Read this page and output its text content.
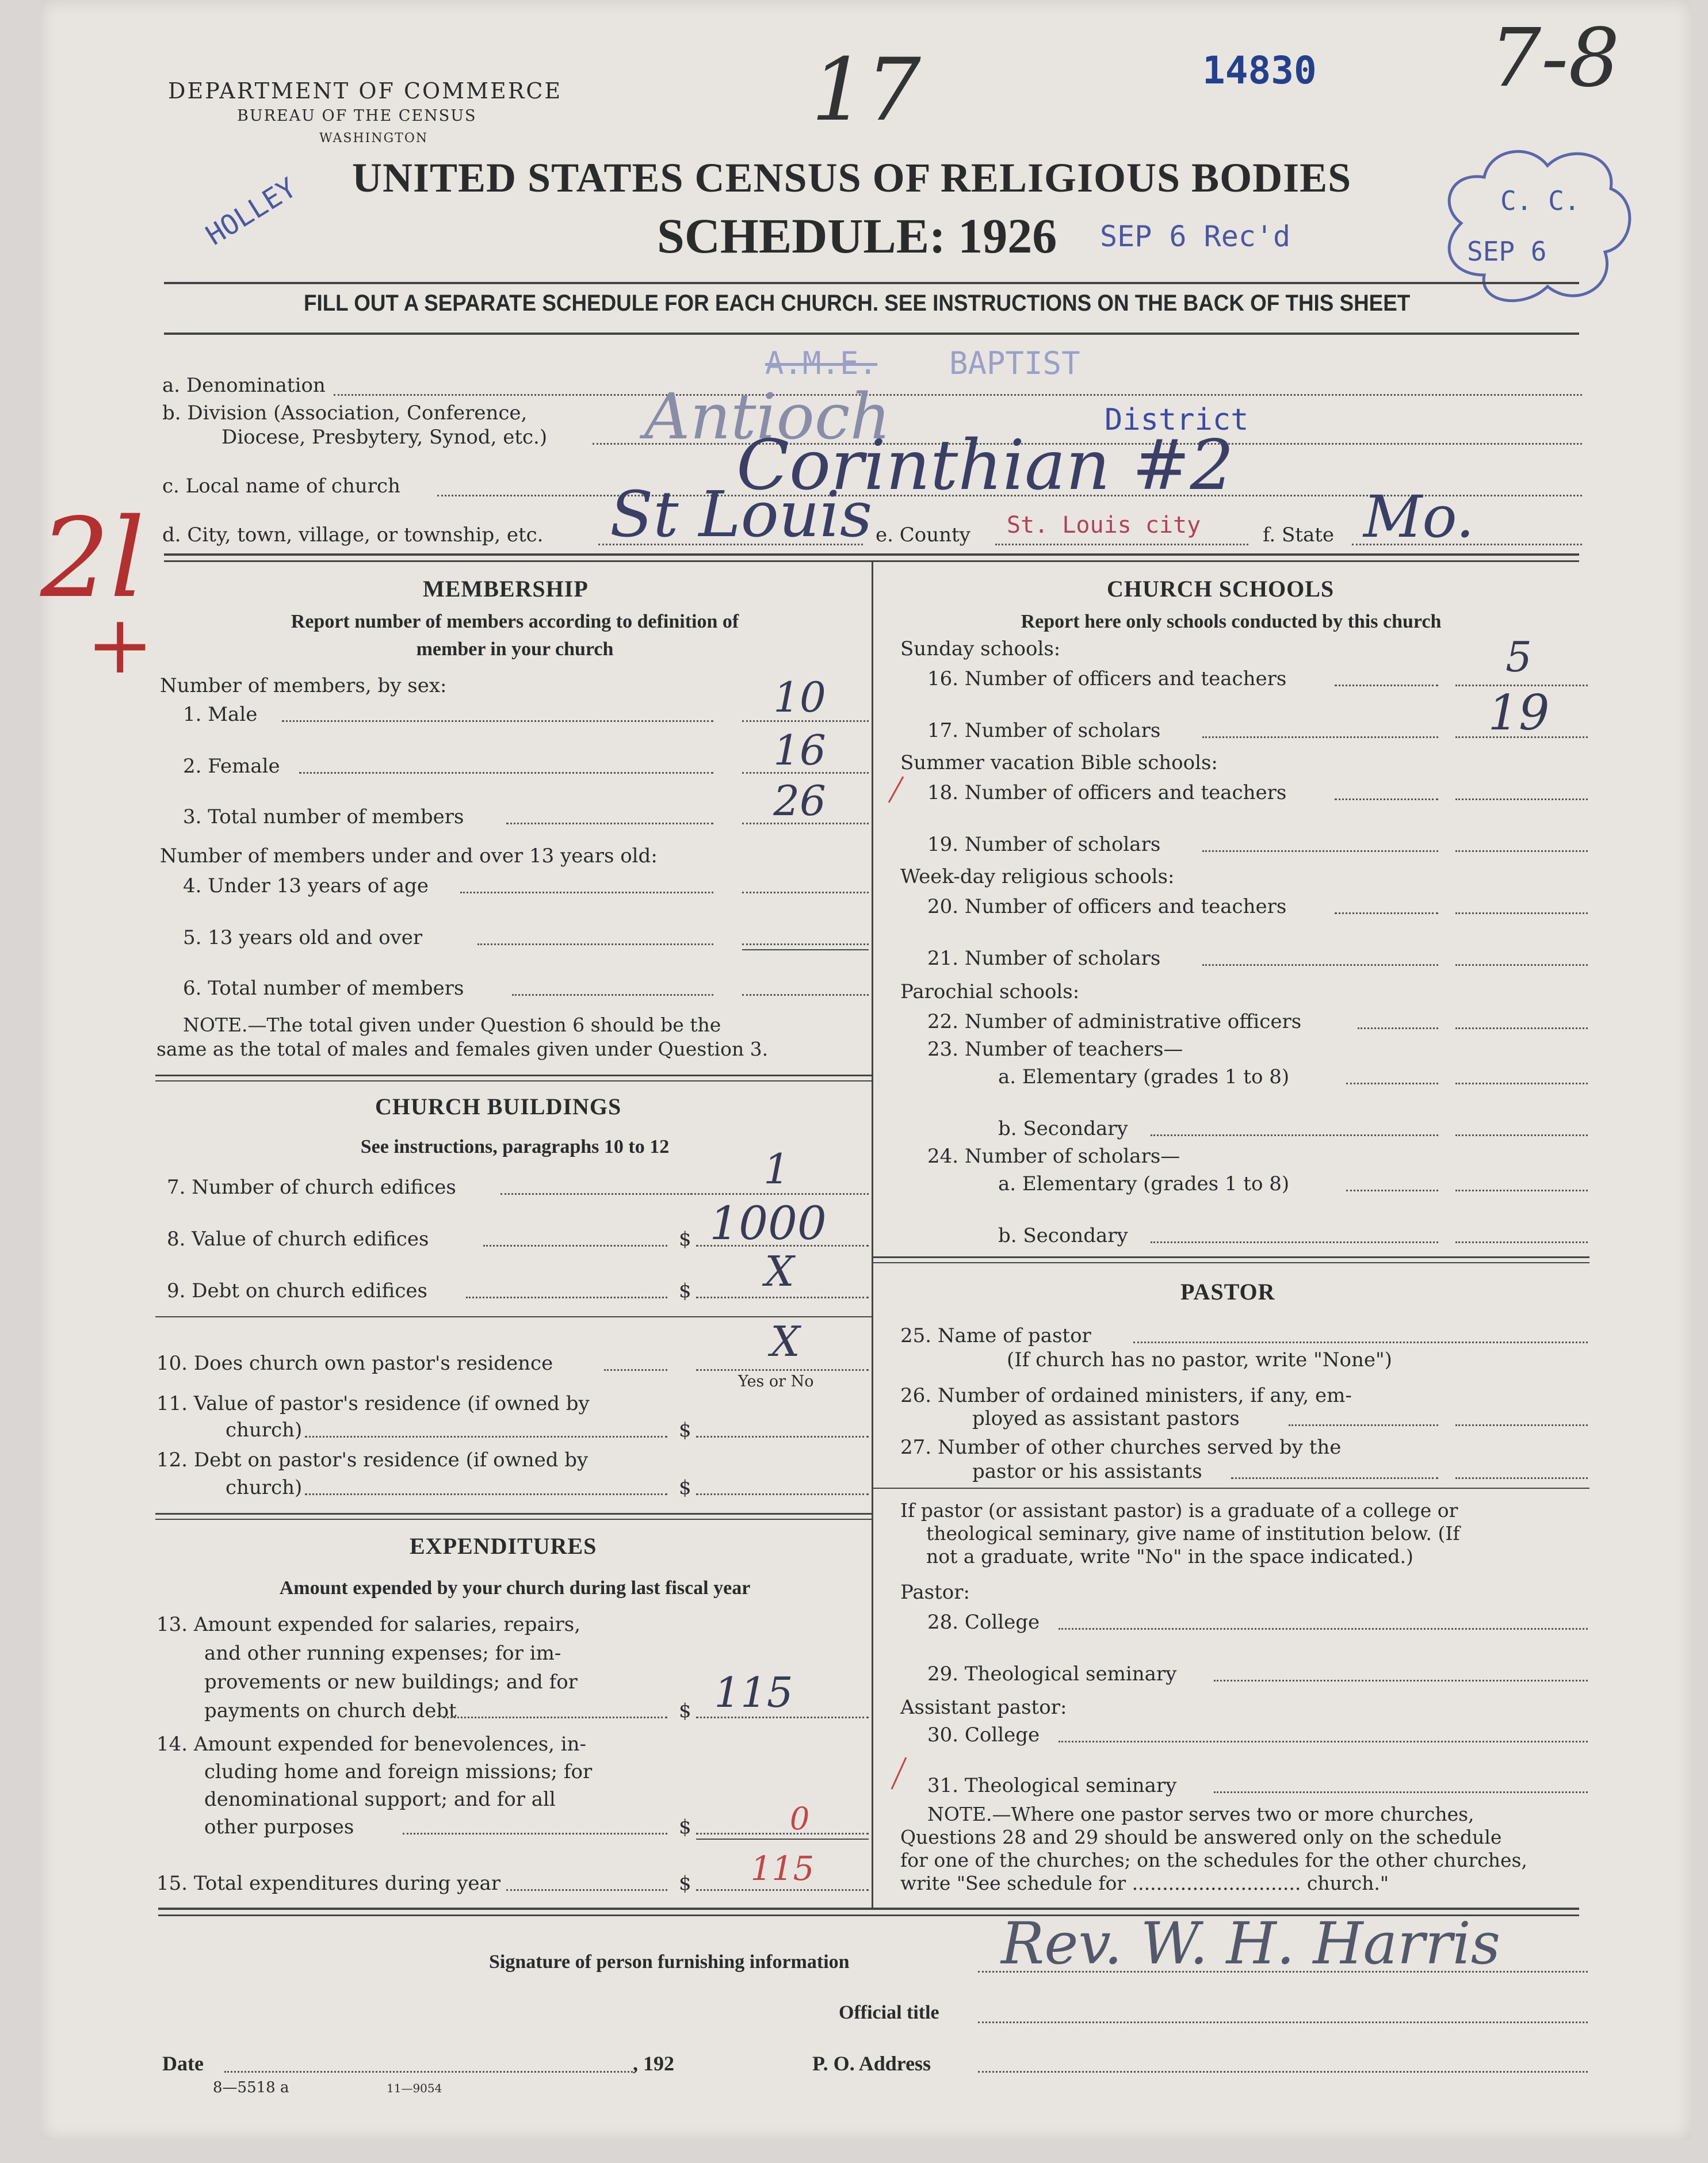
DEPARTMENT OF COMMERCE
BUREAU OF THE CENSUS
WASHINGTON
UNITED STATES CENSUS OF RELIGIOUS BODIES
SCHEDULE: 1926
14830
SEP 6 Rec'd
HOLLEY
17	7-8
C. C.
SEP 6
2l
+
FILL OUT A SEPARATE SCHEDULE FOR EACH CHURCH. SEE INSTRUCTIONS ON THE BACK OF THIS SHEET
a. Denomination
A.M.E. BAPTIST
b. Division (Association, Conference,
Diocese, Presbytery, Synod, etc.) Antioch	District
c. Local name of church	Corinthian #2
d. City, town, village, or township, etc. St Louis e. County St. Louis city	f. State Mo.
MEMBERSHIP
Report number of members according to definition of
member in your church
Number of members, by sex:
1. Male	10
2. Female	16
3. Total number of members	26
Number of members under and over 13 years old:
4. Under 13 years of age
5. 13 years old and over
6. Total number of members
NOTE.—The total given under Question 6 should be the
same as the total of males and females given under Question 3.
CHURCH BUILDINGS
See instructions, paragraphs 10 to 12
7. Number of church edifices	1
8. Value of church edifices	$ 1000
9. Debt on church edifices	$	X
10. Does church own pastor's residence	X
Yes or No
11. Value of pastor's residence (if owned by
church)	$
12. Debt on pastor's residence (if owned by
church)	$
EXPENDITURES
Amount expended by your church during last fiscal year
13. Amount expended for salaries, repairs,
and other running expenses; for im-
provements or new buildings; and for
payments on church debt	$ 115
14. Amount expended for benevolences, in-
cluding home and foreign missions; for
denominational support; and for all
other purposes	$	0
15. Total expenditures during year	$	115
CHURCH SCHOOLS
Report here only schools conducted by this church
Sunday schools:
16. Number of officers and teachers	5
17. Number of scholars	19
Summer vacation Bible schools:
18. Number of officers and teachers
19. Number of scholars
Week-day religious schools:
20. Number of officers and teachers
21. Number of scholars
Parochial schools:
22. Number of administrative officers
23. Number of teachers—
a. Elementary (grades 1 to 8)
b. Secondary
24. Number of scholars—
a. Elementary (grades 1 to 8)
b. Secondary
PASTOR
25. Name of pastor
(If church has no pastor, write "None")
26. Number of ordained ministers, if any, em-
ployed as assistant pastors
27. Number of other churches served by the
pastor or his assistants
If pastor (or assistant pastor) is a graduate of a college or
theological seminary, give name of institution below. (If
not a graduate, write "No" in the space indicated.)
Pastor:
28. College
29. Theological seminary
Assistant pastor:
30. College
31. Theological seminary
NOTE.—Where one pastor serves two or more churches,
Questions 28 and 29 should be answered only on the schedule
for one of the churches; on the schedules for the other churches,
write "See schedule for ............................ church."
Signature of person furnishing information	Rev. W. H. Harris
Official title
Date	, 192	P. O. Address
8—5518 a	11—9054
